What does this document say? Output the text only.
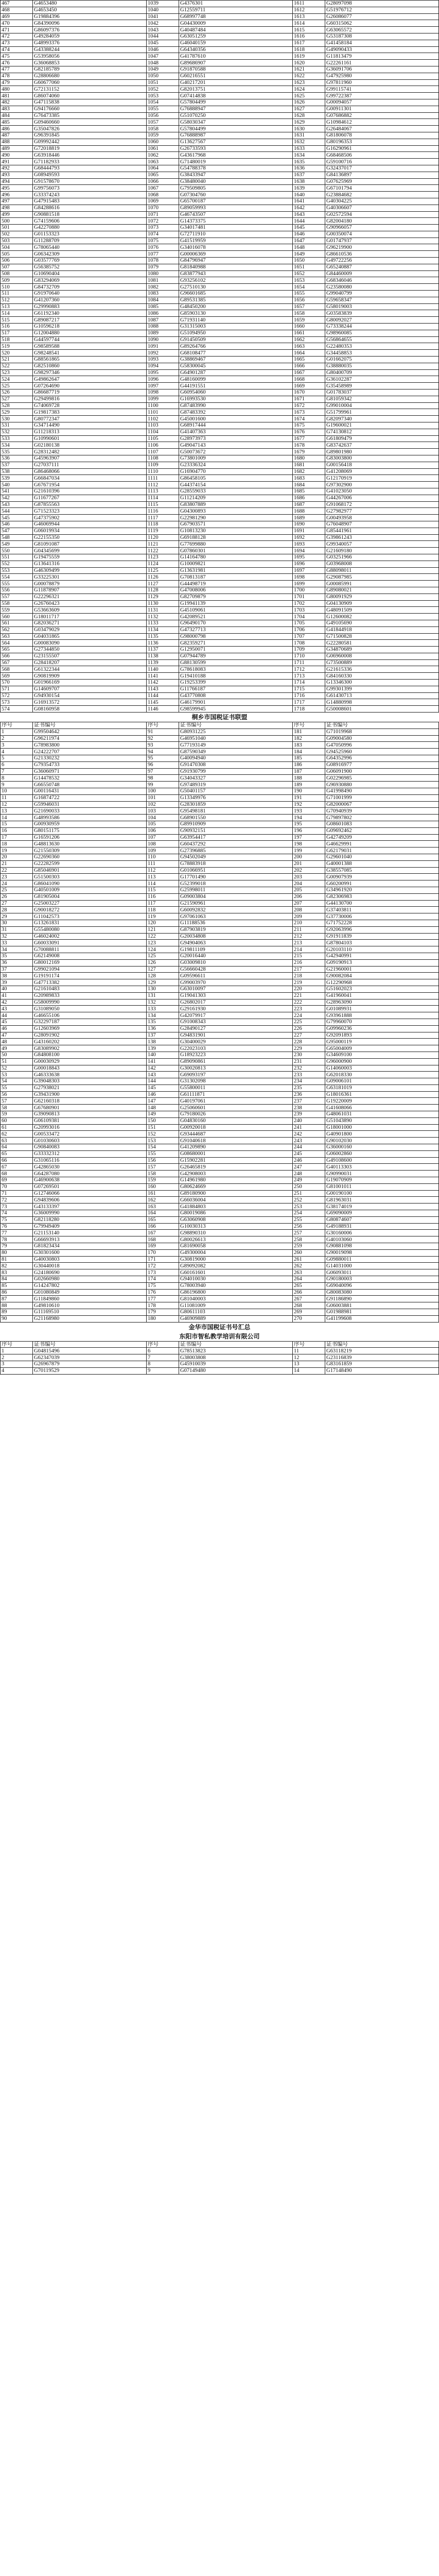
467	G4653480	1039	G4376301	1611	G28097098
468	G4653450	1040	G12559711	1612	G51976712
469	G19884396	1041	G68997748	1613	G26086077
470	G84390096	1042	G04430009	1614	G60315062
471	G86097376	1043	G40487484	1615	G63065572
472	G49284059	1044	G63051259	1616	G53187308
473	G48993376	1045	G46040159	1617	G41458184
474	G43388244	1046	G64340356	1618	G49090433
475	G53958056	1047	G41787610	1619	G11813479
476	G36068853	1048	G89686907	1620	G22261161
477	G82185789	1049	G91870588	1621	G36091706
478	G28806680	1050	G60216551	1622	G47925980
479	G60677060	1051	G40217201	1623	G97811960
480	G72131152	1052	G82013751	1624	G99115741
481	G86074060	1053	G07414838	1625	G99722387
482	G47115838	1054	G57804499	1626	G00094057
483	G94176660	1055	G76888947	1627	G00911301
484	G76473385	1056	G51070250	1628	G07686882
485	G09460660	1057	G58030347	1629	G10984612
486	G35047826	1058	G57804499	1630	G26484067
487	G96391845	1059	G76888987	1631	G81806078
488	G09992442	1060	G13627567	1632	G80196353
489	G72018819	1061	G26733593	1633	G16290961
490	G63918446	1062	G43617968	1634	G68468506
491	G71182933	1063	G71480019	1635	G59100716
492	G68444793	1064	G54788378	1636	G32437017
493	G08949593	1065	G38433947	1637	G84136897
494	G91578670	1066	G38480040	1638	G07625969
495	G99756073	1067	G79509805	1639	G67101794
496	G33374243	1068	G07304760	1640	G23884682
497	G47915483	1069	G65700187	1641	G40304225
498	G84288616	1070	G89059993	1642	G40306607
499	G90881518	1071	G46743507	1643	G02572594
500	G74159606	1072	G14373375	1644	G82004180
501	G42270880	1073	G34017481	1645	G90966057
502	G01153323	1074	G72711910	1646	G00350074
503	G11288709	1075	G41519959	1647	G01747937
504	G78065440	1076	G34016078	1648	G96219900
505	G06342309	1077	G00006369	1649	G86610536
506	G03577769	1078	G84796947	1650	G49722256
507	G56385752	1079	G81840988	1651	G65240887
508	G10690404	1080	G83877943	1652	G84460009
509	G83294069	1081	G93256102	1653	G68346046
510	G84732709	1082	G27510130	1654	G23580080
511	G91970640	1083	G96601685	1655	G99040799
512	G41207360	1084	G89531385	1656	G59658347
513	G29990883	1085	G48450200	1657	G58019003
514	G61192340	1086	G85903130	1658	G03583839
515	G89087217	1087	G71931140	1659	G80092027
516	G10596218	1088	G31315003	1660	G73338244
517	G12004880	1089	G51094950	1661	G98960085
518	G44597744	1090	G91450509	1662	G56864655
519	G98589588	1091	G89264766	1663	G22480353
520	G98248541	1092	G68108477	1664	G34458853
521	G88561865	1093	G38869467	1665	G01662075
522	G82510860	1094	G58300045	1666	G38880035
523	G98297346	1095	G64901287	1667	G80400709
524	G49862647	1096	G48160099	1668	G36102287
525	G07264690	1097	G44191551	1669	G35458989
526	G86687719	1098	G60954060	1670	G01783037
527	G29499816	1099	G16993530	1671	G81059342
528	G74069728	1100	G87483990	1672	G99010004
529	G19817383	1101	G87483392	1673	G51799961
530	G80772347	1102	G45001600	1674	G82097340
531	G34714490	1103	G68917444	1675	G19600021
532	G11218313	1104	G41407363	1676	G74130812
533	G10990601	1105	G28973973	1677	G61809479
534	G02180138	1106	G49047143	1678	G83742637
535	G28312482	1107	G50073672	1679	G89801980
536	G45963907	1108	G73801009	1680	G83003800
537	G27037111	1109	G23336324	1681	G00156418
538	G86468066	1110	G16904770	1682	G41208069
539	G66847034	1111	G86458105	1683	G12170919
540	G67671954	1112	G44374154	1684	G97302900
541	G21610396	1113	G28559033	1685	G41023050
542	G11677267	1114	G11214209	1686	G44267006
543	G87855563	1115	G83807889	1687	G91068172
544	G71523323	1116	G04300893	1688	G27982977
545	G47375902	1117	G22981290	1689	G00493958
546	G46069944	1118	G67903571	1690	G76048907
547	G06019934	1119	G10813230	1691	G85441961
548	G22155350	1120	G69188128	1692	G39861243
549	G81091087	1121	G77699880	1693	G99340057
550	G04345699	1122	G07860301	1694	G21609180
551	G19475559	1123	G14164780	1695	G03251966
552	G13641316	1124	G10009821	1696	G03968008
553	G46309499	1125	G13631981	1697	G88098011
554	G33225301	1126	G70813187	1698	G29087985
555	G00078879	1127	G44498719	1699	G00085991
556	G11878907	1128	G47008006	1700	G89080021
557	G22296321	1129	G82709879	1701	G80091929
558	G26760423	1130	G19941139	1702	G04130909
559	G53663609	1131	G45109061	1703	G48091509
560	G18011717	1132	G42089521	1704	G12600082
561	G82036271	1133	G96490170	1705	G49105690
562	G03479029	1134	G47327713	1706	G41844918
563	G04031865	1135	G98000798	1707	G71500828
564	G00083090	1136	G82359271	1708	G22280581
565	G27344850	1137	G12950071	1709	G34870689
566	G23155507	1138	G07944789	1710	G06960008
567	G28418207	1139	G88130599	1711	G73500889
568	G61322344	1140	G78618083	1712	G21615336
569	G90819909	1141	G19410188	1713	G84160330
570	G01966169	1142	G19253399	1714	G13346300
571	G14609707	1143	G11766187	1715	G99301399
572	G94930154	1144	G43770808	1716	G61430713
573	G16913572	1145	G46179901	1717	G14880998
574	G08160958	1146	G98599945	1718	G50008601
桐乡市国税证书联盟
序号	证书编号	序号	证书编号	序号	证书编号
1	G99504642	91	G80931225	181	G71019968
2	G96211974	92	G46951040	182	G09004580
3	G78983800	93	G77193149	183	G47050996
4	G24222707	94	G87590349	184	G94525960
5	G21330232	95	G40094940	185	G64352996
6	G79354733	96	G91470308	186	G08916977
7	G36060971	97	G91930799	187	G06091900
8	G14478532	98	G34043327	188	G02296985
9	G66550748	99	G97489319	189	G96930880
10	G00116431	100	G50401157	190	G41998490
11	G16874722	101	G13349976	191	G71001999
12	G59946031	102	G28301859	192	G82000067
13	G21690033	103	G95498181	193	G70940939
14	G48993586	104	G68901550	194	G79897802
15	G00930959	105	G89910909	195	G08601083
16	G80151175	106	G90932151	196	G09692462
17	G16591206	107	G63954417	197	G42749209
18	G48813630	108	G60437292	198	G46629991
19	G21550309	109	G27396885	199	G62179031
20	G22690360	110	G94502049	200	G29601040
21	G22282599	111	G78883918	201	G40001388
22	G85046901	112	G01066951	202	G38557085
23	G51500303	113	G17701490	203	G00907939
24	G86041090	114	G52399018	204	G60200991
25	G40501009	115	G25998011	205	G34961920
26	G81905004	116	G09003804	206	G82306983
27	G25003227	117	G21590961	207	G44130700
28	G90018272	118	G60092832	208	G37403811
29	G11042573	119	G97061063	209	G37730006
30	G13261831	120	G11188536	210	G71752228
31	G55480080	121	G87903819	211	G92063996
32	G46024002	122	G20034808	212	G91911839
33	G60033091	123	G94904063	213	G87804103
34	G70088811	124	G19811109	214	G20103110
35	G62149008	125	G20016440	215	G42940991
36	G80012169	126	G03009810	216	G09190913
37	G99021094	127	G56660428	217	G21960001
38	G19191174	128	G09596611	218	G90082084
39	G47713382	129	G99003970	219	G12290968
40	G21610483	130	G63010097	220	G51602023
41	G20989833	131	G19041303	221	G41960041
42	G58009990	132	G26802017	222	G28963090
43	G31089050	133	G29161930	223	G01089931
44	G46655106	134	G42079917	224	G93961888
45	G32297187	135	G91008343	225	G79960070
46	G12603969	136	G28490127	226	G09960236
47	G28091902	137	G94831901	227	G92091893
48	G43160202	138	G30400029	228	G95000119
49	G83089902	139	G22023103	229	G65004009
50	G84808100	140	G18923223	230	G34609100
51	G00030929	141	G89090861	231	G96000900
52	G00018843	142	G30020813	232	G14060003
53	G46333638	143	G69093197	233	G62018330
54	G39048303	144	G31302098	234	G09006101
55	G27938021	145	G55800011	235	G63181019
56	G39431900	146	G61111871	236	G18016361
57	G62160318	147	G40197061	237	G19220009
58	G67680901	148	G25060601	238	G41608066
59	G39090813	149	G79180026	239	G48061031
60	G06109381	150	G04830160	240	G51043890
61	G20993016	151	G00920018	241	G18001000
62	G00533472	152	G93444687	242	G40901800
63	G01030603	153	G91040618	243	G90102030
64	G90840083	154	G41209890	244	G36000160
65	G33332312	155	G08680001	245	G06002860
66	G31065116	156	G15902281	246	G49108600
67	G42865030	157	G26465819	247	G40113303
68	G64287080	158	G42908003	248	G90990031
69	G46900638	159	G14961980	249	G19070909
70	G07269501	160	G80624669	250	G81001011
71	G12746066	161	G89180900	251	G00190100
72	G94839606	162	G66036004	252	G81963031
73	G43133397	163	G41884803	253	G38174019
74	G36009990	164	G80019086	254	G69090009
75	G82118280	165	G63060908	255	G80874607
76	G79949409	166	G10030313	256	G49188931
77	G21153140	167	G98890310	257	G30160006
78	G66693913	168	G80026613	258	G40103060
79	G81823434	169	G81690058	259	G90881098
80	G30301600	170	G49300004	260	G90019098
81	G40030803	171	G30819000	261	G09880011
82	G30440018	172	G89092082	262	G14031000
83	G24180690	173	G60161601	263	G06093011
84	G02660980	174	G94010030	264	G90180003
85	G14247802	175	G78003940	265	G69040096
86	G01080849	176	G86196800	266	G80083080
87	G11849860	177	G81040003	267	G91186890
88	G49810610	178	G11081009	268	G06003881
89	G11169510	179	G80611103	269	G01988981
90	G21168980	180	G46909889	270	G41199608
金华市国税证书号汇总
东阳市智私教学培训有限公司
序号	证书编号	序号	证书编号	序号	证书编号
1	G04815496	6	G78513823	11	G63118219
2	G62347039	7	G38003808	12	G23116839
3	G26967879	8	G45910039	13	G83161859
4	G70119529	9	G07149480	14	G17148490
